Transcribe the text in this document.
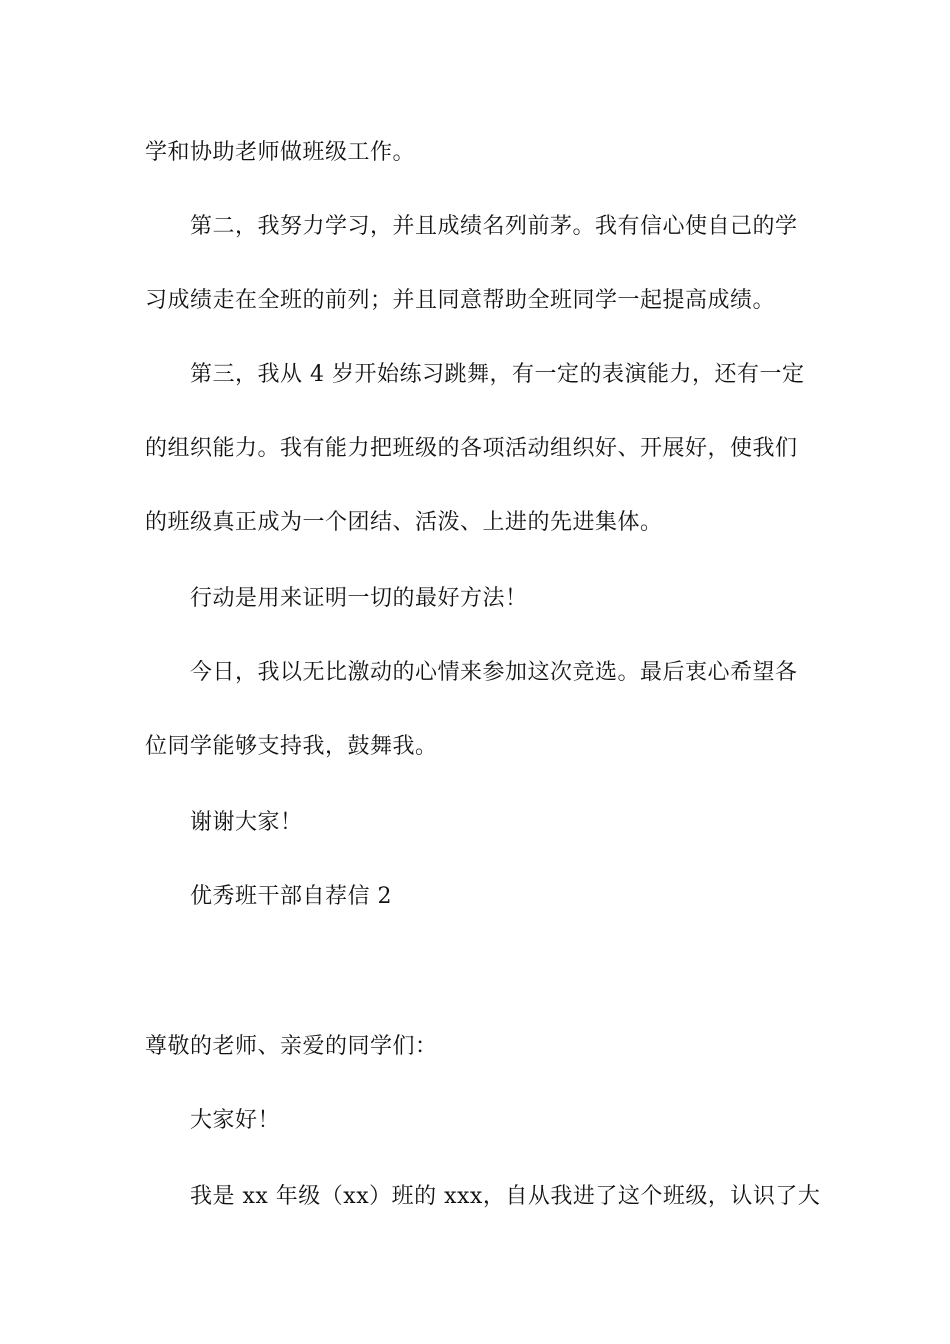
学和协助老师做班级工作。
第二，我努力学习，并且成绩名列前茅。我有信心使自己的学
习成绩走在全班的前列；并且同意帮助全班同学一起提高成绩。
第三，我从 4 岁开始练习跳舞，有一定的表演能力，还有一定
的组织能力。我有能力把班级的各项活动组织好、开展好，使我们
的班级真正成为一个团结、活泼、上进的先进集体。
行动是用来证明一切的最好方法！
今日，我以无比激动的心情来参加这次竞选。最后衷心希望各
位同学能够支持我，鼓舞我。
谢谢大家！
优秀班干部自荐信 2
尊敬的老师、亲爱的同学们：
大家好！
我是 xx 年级（xx）班的 xxx，自从我进了这个班级，认识了大
